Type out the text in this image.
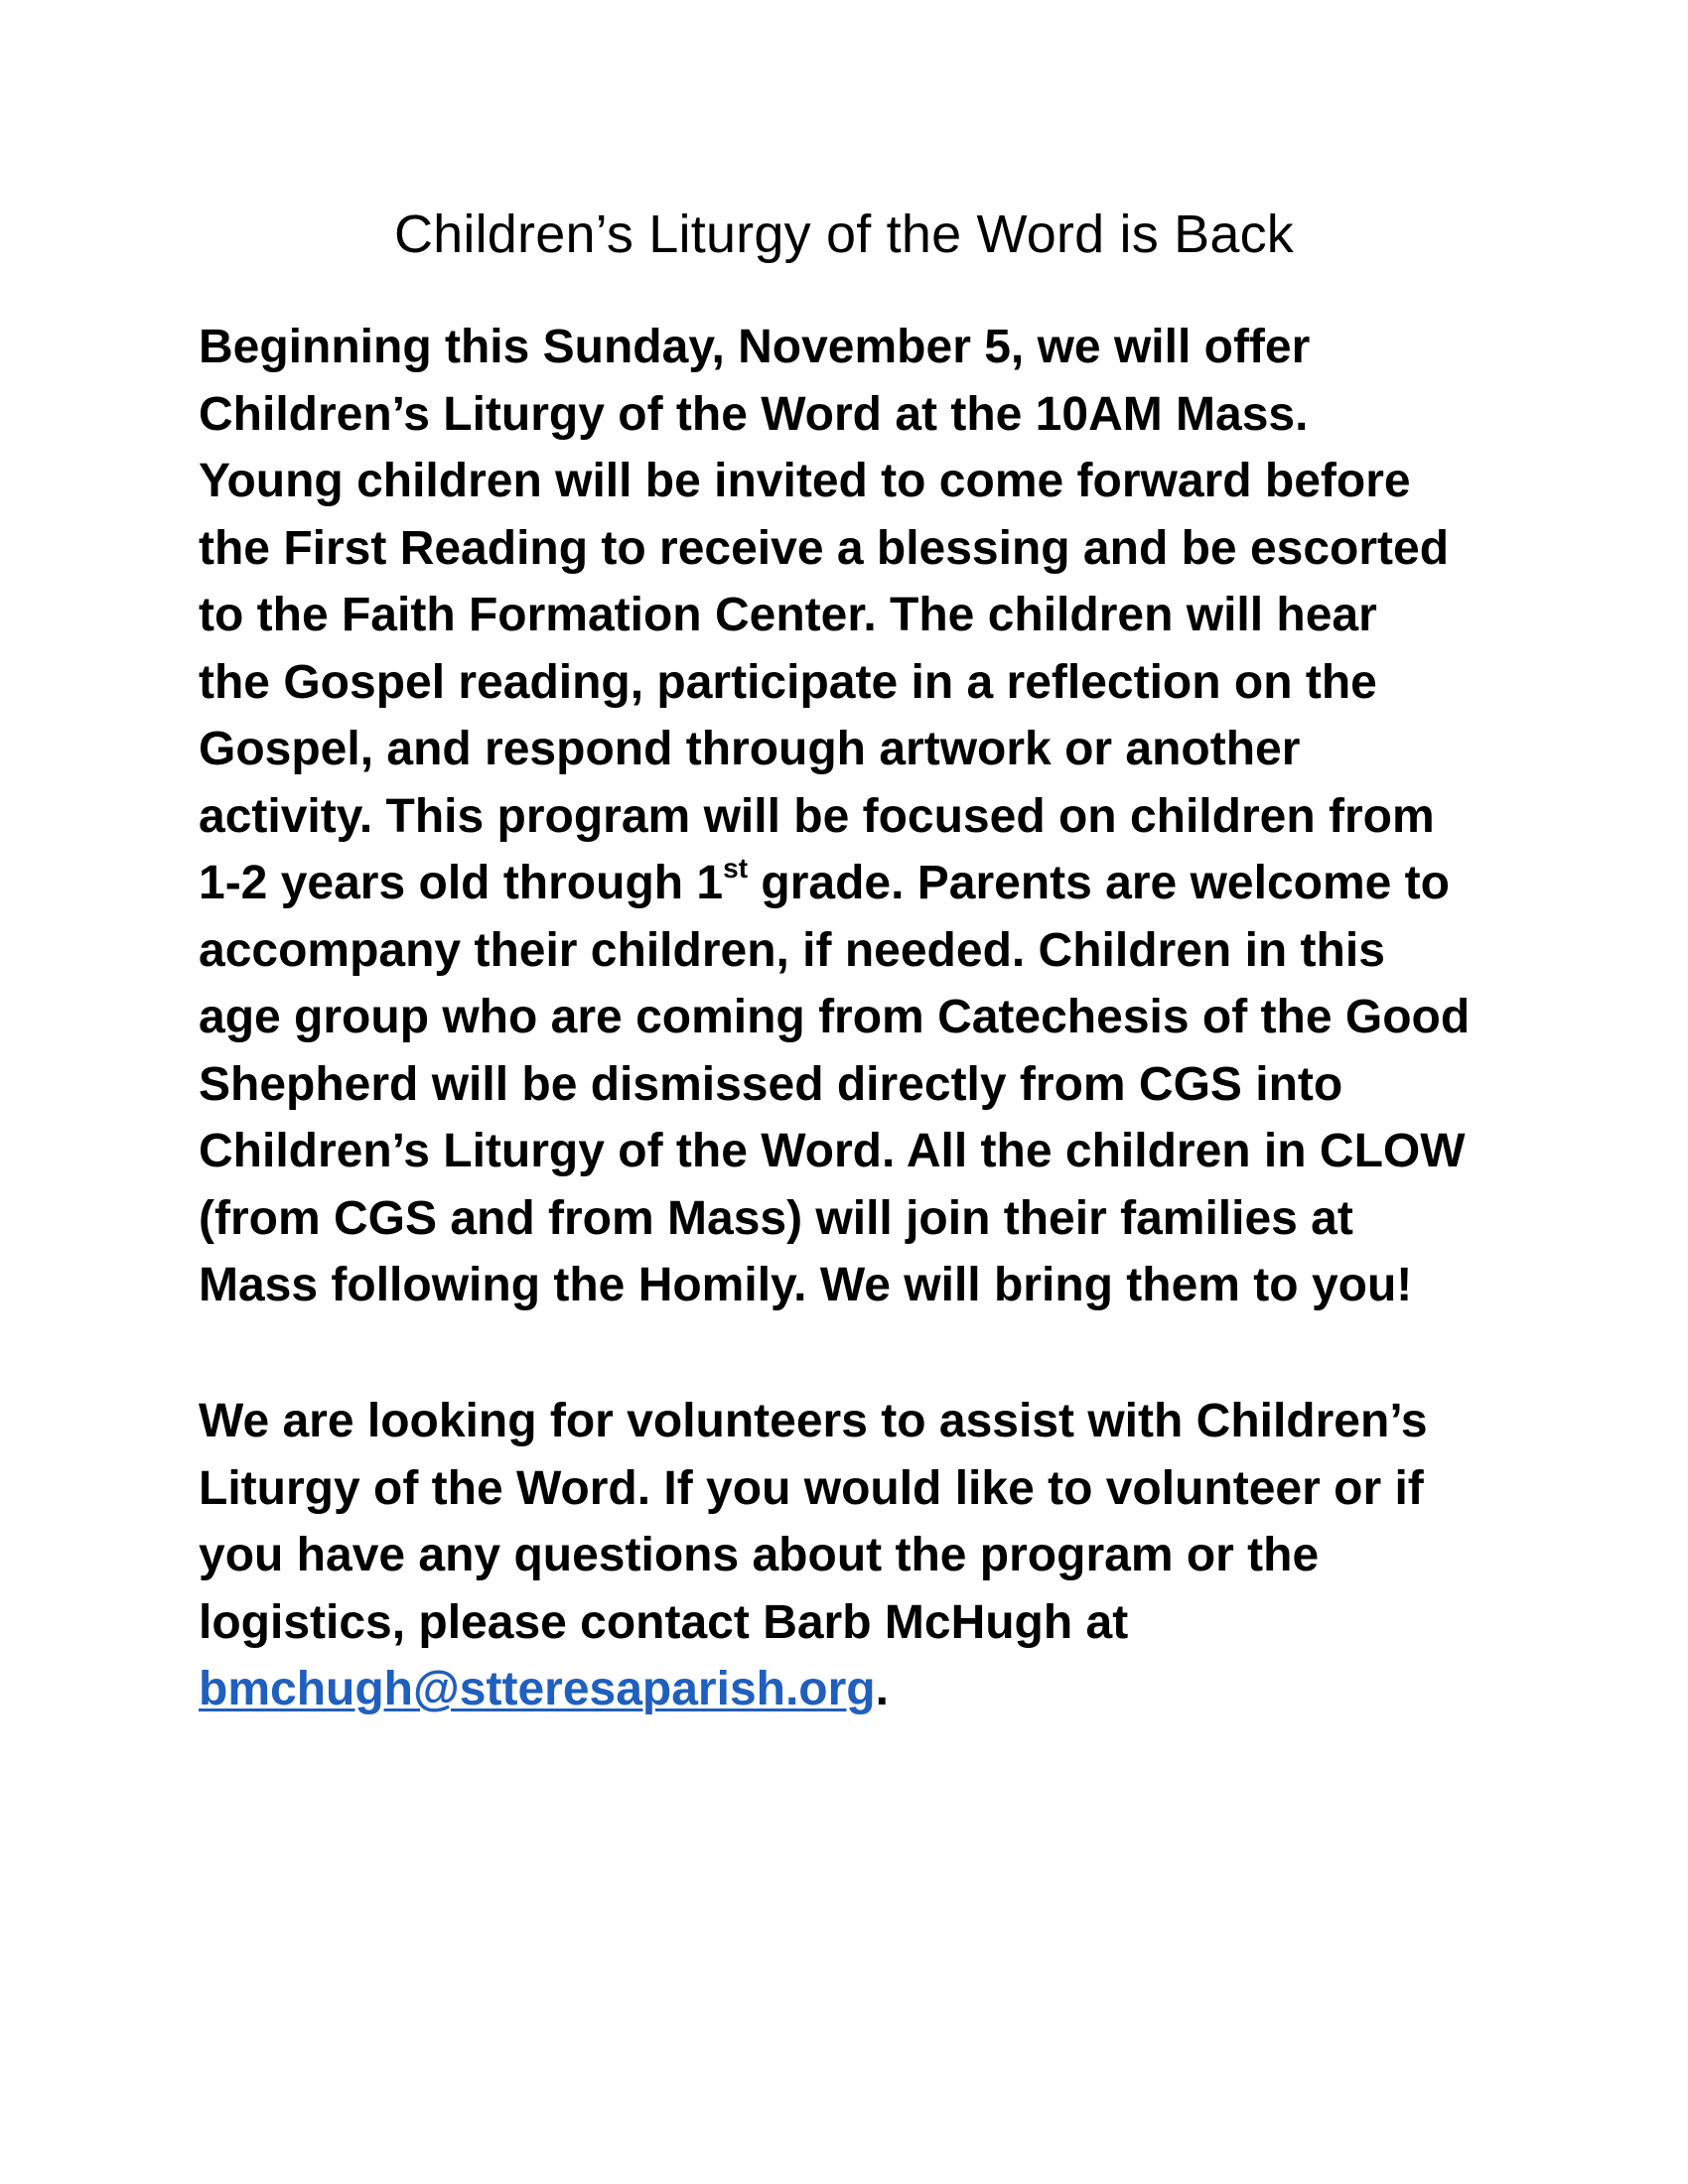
Children’s Liturgy of the Word is Back
Beginning this Sunday, November 5, we will offer
Children’s Liturgy of the Word at the 10AM Mass.
Young children will be invited to come forward before
the First Reading to receive a blessing and be escorted
to the Faith Formation Center. The children will hear
the Gospel reading, participate in a reflection on the
Gospel, and respond through artwork or another
activity. This program will be focused on children from
1-2 years old through 1st grade. Parents are welcome to
accompany their children, if needed. Children in this
age group who are coming from Catechesis of the Good
Shepherd will be dismissed directly from CGS into
Children’s Liturgy of the Word. All the children in CLOW
(from CGS and from Mass) will join their families at
Mass following the Homily. We will bring them to you!
We are looking for volunteers to assist with Children’s
Liturgy of the Word. If you would like to volunteer or if
you have any questions about the program or the
logistics, please contact Barb McHugh at
bmchugh@stteresaparish.org.
